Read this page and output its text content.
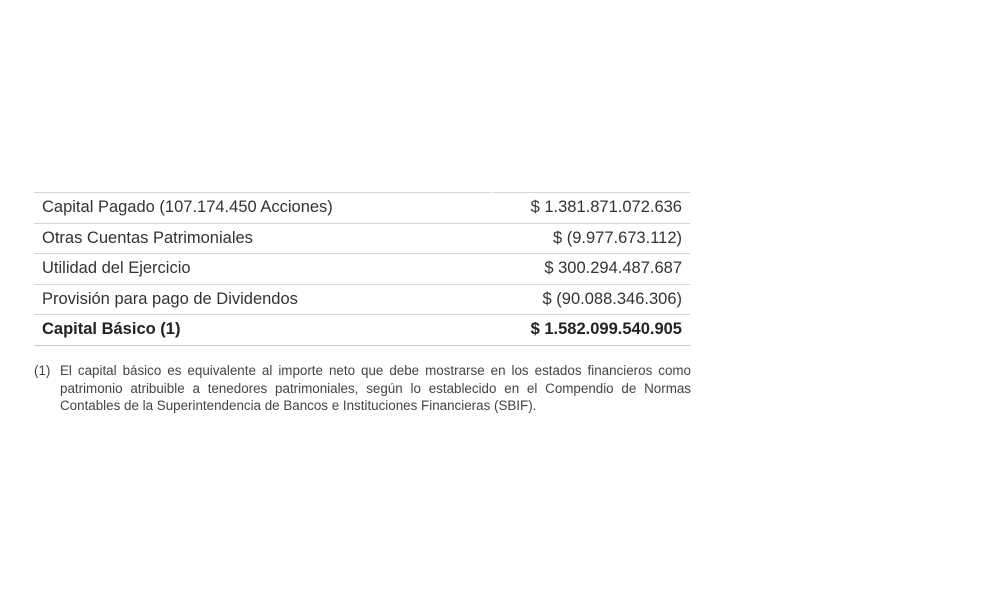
Capital Pagado (107.174.450 Acciones)	$ 1.381.871.072.636
Otras Cuentas Patrimoniales	$ (9.977.673.112)
Utilidad del Ejercicio	$ 300.294.487.687
Provisión para pago de Dividendos	$ (90.088.346.306)
Capital Básico (1)	$ 1.582.099.540.905
(1) El capital básico es equivalente al importe neto que debe mostrarse en los estados financieros como patrimonio atribuible a tenedores patrimoniales, según lo establecido en el Compendio de Normas Contables de la Superintendencia de Bancos e Instituciones Financieras (SBIF).
